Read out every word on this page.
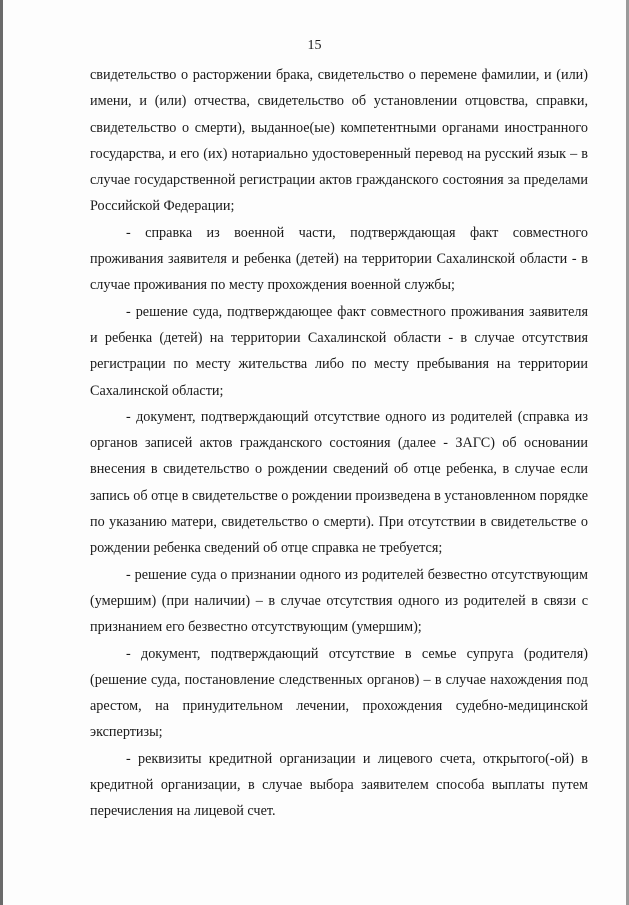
15

свидетельство о расторжении брака, свидетельство о перемене фамилии, и (или) имени, и (или) отчества, свидетельство об установлении отцовства, справки, свидетельство о смерти), выданное(ые) компетентными органами иностранного государства, и его (их) нотариально удостоверенный перевод на русский язык – в случае государственной регистрации актов гражданского состояния за пределами Российской Федерации;

- справка из военной части, подтверждающая факт совместного проживания заявителя и ребенка (детей) на территории Сахалинской области - в случае проживания по месту прохождения военной службы;

- решение суда, подтверждающее факт совместного проживания заявителя и ребенка (детей) на территории Сахалинской области - в случае отсутствия регистрации по месту жительства либо по месту пребывания на территории Сахалинской области;

- документ, подтверждающий отсутствие одного из родителей (справка из органов записей актов гражданского состояния (далее - ЗАГС) об основании внесения в свидетельство о рождении сведений об отце ребенка, в случае если запись об отце в свидетельстве о рождении произведена в установленном порядке по указанию матери, свидетельство о смерти). При отсутствии в свидетельстве о рождении ребенка сведений об отце справка не требуется;

- решение суда о признании одного из родителей безвестно отсутствующим (умершим) (при наличии) – в случае отсутствия одного из родителей в связи с признанием его безвестно отсутствующим (умершим);

- документ, подтверждающий отсутствие в семье супруга (родителя) (решение суда, постановление следственных органов) – в случае нахождения под арестом, на принудительном лечении, прохождения судебно-медицинской экспертизы;

- реквизиты кредитной организации и лицевого счета, открытого(-ой) в кредитной организации, в случае выбора заявителем способа выплаты путем перечисления на лицевой счет.
